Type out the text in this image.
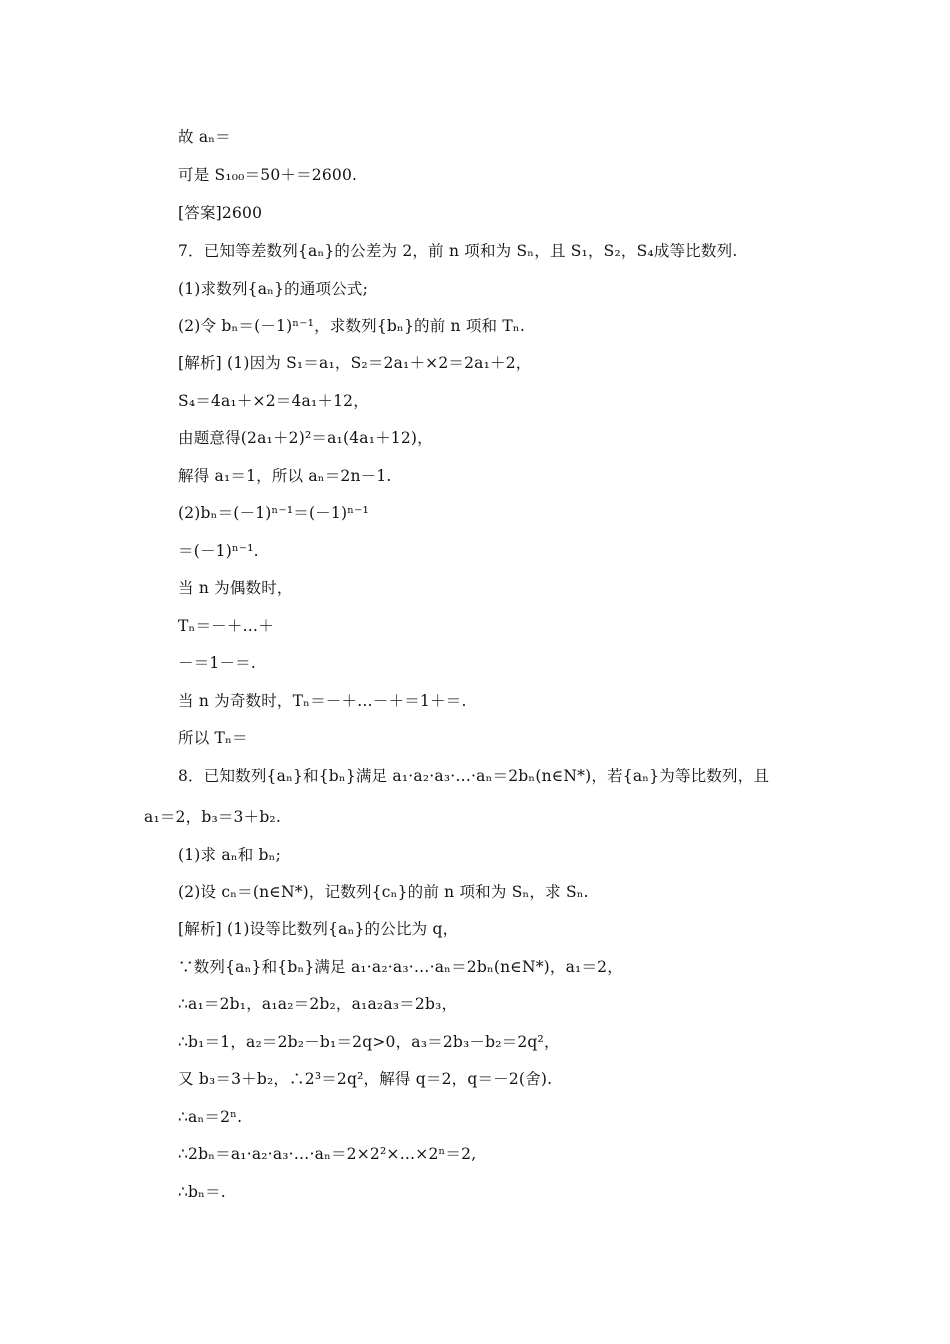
故 aₙ＝
可是 S₁₀₀＝50＋＝2600.
[答案]2600
7．已知等差数列{aₙ}的公差为 2，前 n 项和为 Sₙ，且 S₁，S₂，S₄成等比数列.
(1)求数列{aₙ}的通项公式;
(2)令 bₙ＝(－1)ⁿ⁻¹，求数列{bₙ}的前 n 项和 Tₙ.
[解析] (1)因为 S₁＝a₁，S₂＝2a₁＋×2＝2a₁＋2，
S₄＝4a₁＋×2＝4a₁＋12，
由题意得(2a₁＋2)²＝a₁(4a₁＋12)，
解得 a₁＝1，所以 aₙ＝2n－1.
(2)bₙ＝(－1)ⁿ⁻¹＝(－1)ⁿ⁻¹
＝(－1)ⁿ⁻¹.
当 n 为偶数时，
Tₙ＝－＋…＋
－＝1－＝.
当 n 为奇数时，Tₙ＝－＋…－＋＝1＋＝.
所以 Tₙ＝
8．已知数列{aₙ}和{bₙ}满足 a₁·a₂·a₃·…·aₙ＝2bₙ(n∈N*)，若{aₙ}为等比数列，且
a₁＝2，b₃＝3＋b₂.
(1)求 aₙ和 bₙ;
(2)设 cₙ＝(n∈N*)，记数列{cₙ}的前 n 项和为 Sₙ，求 Sₙ.
[解析] (1)设等比数列{aₙ}的公比为 q，
∵数列{aₙ}和{bₙ}满足 a₁·a₂·a₃·…·aₙ＝2bₙ(n∈N*)，a₁＝2，
∴a₁＝2b₁，a₁a₂＝2b₂，a₁a₂a₃＝2b₃，
∴b₁＝1，a₂＝2b₂－b₁＝2q>0，a₃＝2b₃－b₂＝2q²，
又 b₃＝3＋b₂，∴2³＝2q²，解得 q＝2，q＝－2(舍).
∴aₙ＝2ⁿ.
∴2bₙ＝a₁·a₂·a₃·…·aₙ＝2×2²×…×2ⁿ＝2,
∴bₙ＝.
